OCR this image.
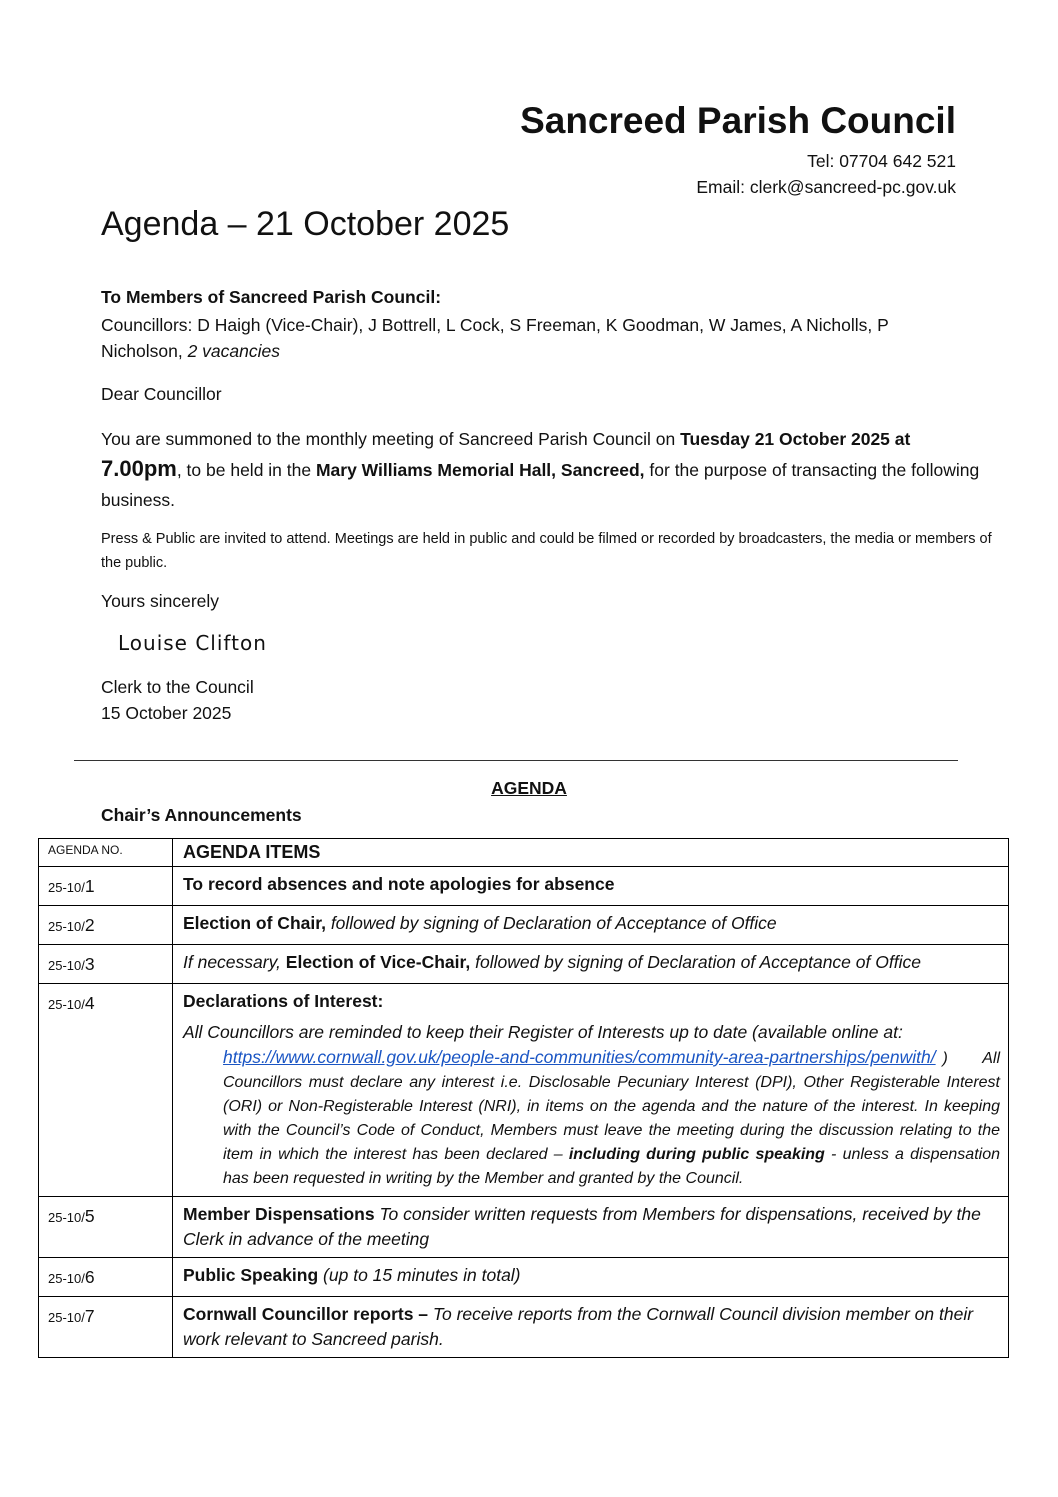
Sancreed Parish Council
Tel: 07704 642 521
Email: clerk@sancreed-pc.gov.uk
Agenda – 21 October 2025
To Members of Sancreed Parish Council:
Councillors: D Haigh (Vice-Chair), J Bottrell, L Cock, S Freeman, K Goodman, W James, A Nicholls, P Nicholson, 2 vacancies
Dear Councillor
You are summoned to the monthly meeting of Sancreed Parish Council on Tuesday 21 October 2025 at
7.00pm, to be held in the Mary Williams Memorial Hall, Sancreed, for the purpose of transacting the following business.
Press & Public are invited to attend. Meetings are held in public and could be filmed or recorded by broadcasters, the media or members of the public.
Yours sincerely
Louise Clifton
Clerk to the Council
15 October 2025
AGENDA
Chair’s Announcements
AGENDA NO.	AGENDA ITEMS
25-10/1	To record absences and note apologies for absence
25-10/2	Election of Chair, followed by signing of Declaration of Acceptance of Office
25-10/3	If necessary, Election of Vice-Chair, followed by signing of Declaration of Acceptance of Office
25-10/4	Declarations of Interest:
All Councillors are reminded to keep their Register of Interests up to date (available online at:
https://www.cornwall.gov.uk/people-and-communities/community-area-partnerships/penwith/ ) All Councillors must declare any interest i.e. Disclosable Pecuniary Interest (DPI), Other Registerable Interest (ORI) or Non-Registerable Interest (NRI), in items on the agenda and the nature of the interest. In keeping with the Council’s Code of Conduct, Members must leave the meeting during the discussion relating to the item in which the interest has been declared – including during public speaking - unless a dispensation has been requested in writing by the Member and granted by the Council.

25-10/5	Member Dispensations To consider written requests from Members for dispensations, received by the Clerk in advance of the meeting
25-10/6	Public Speaking (up to 15 minutes in total)
25-10/7	Cornwall Councillor reports – To receive reports from the Cornwall Council division member on their work relevant to Sancreed parish.
